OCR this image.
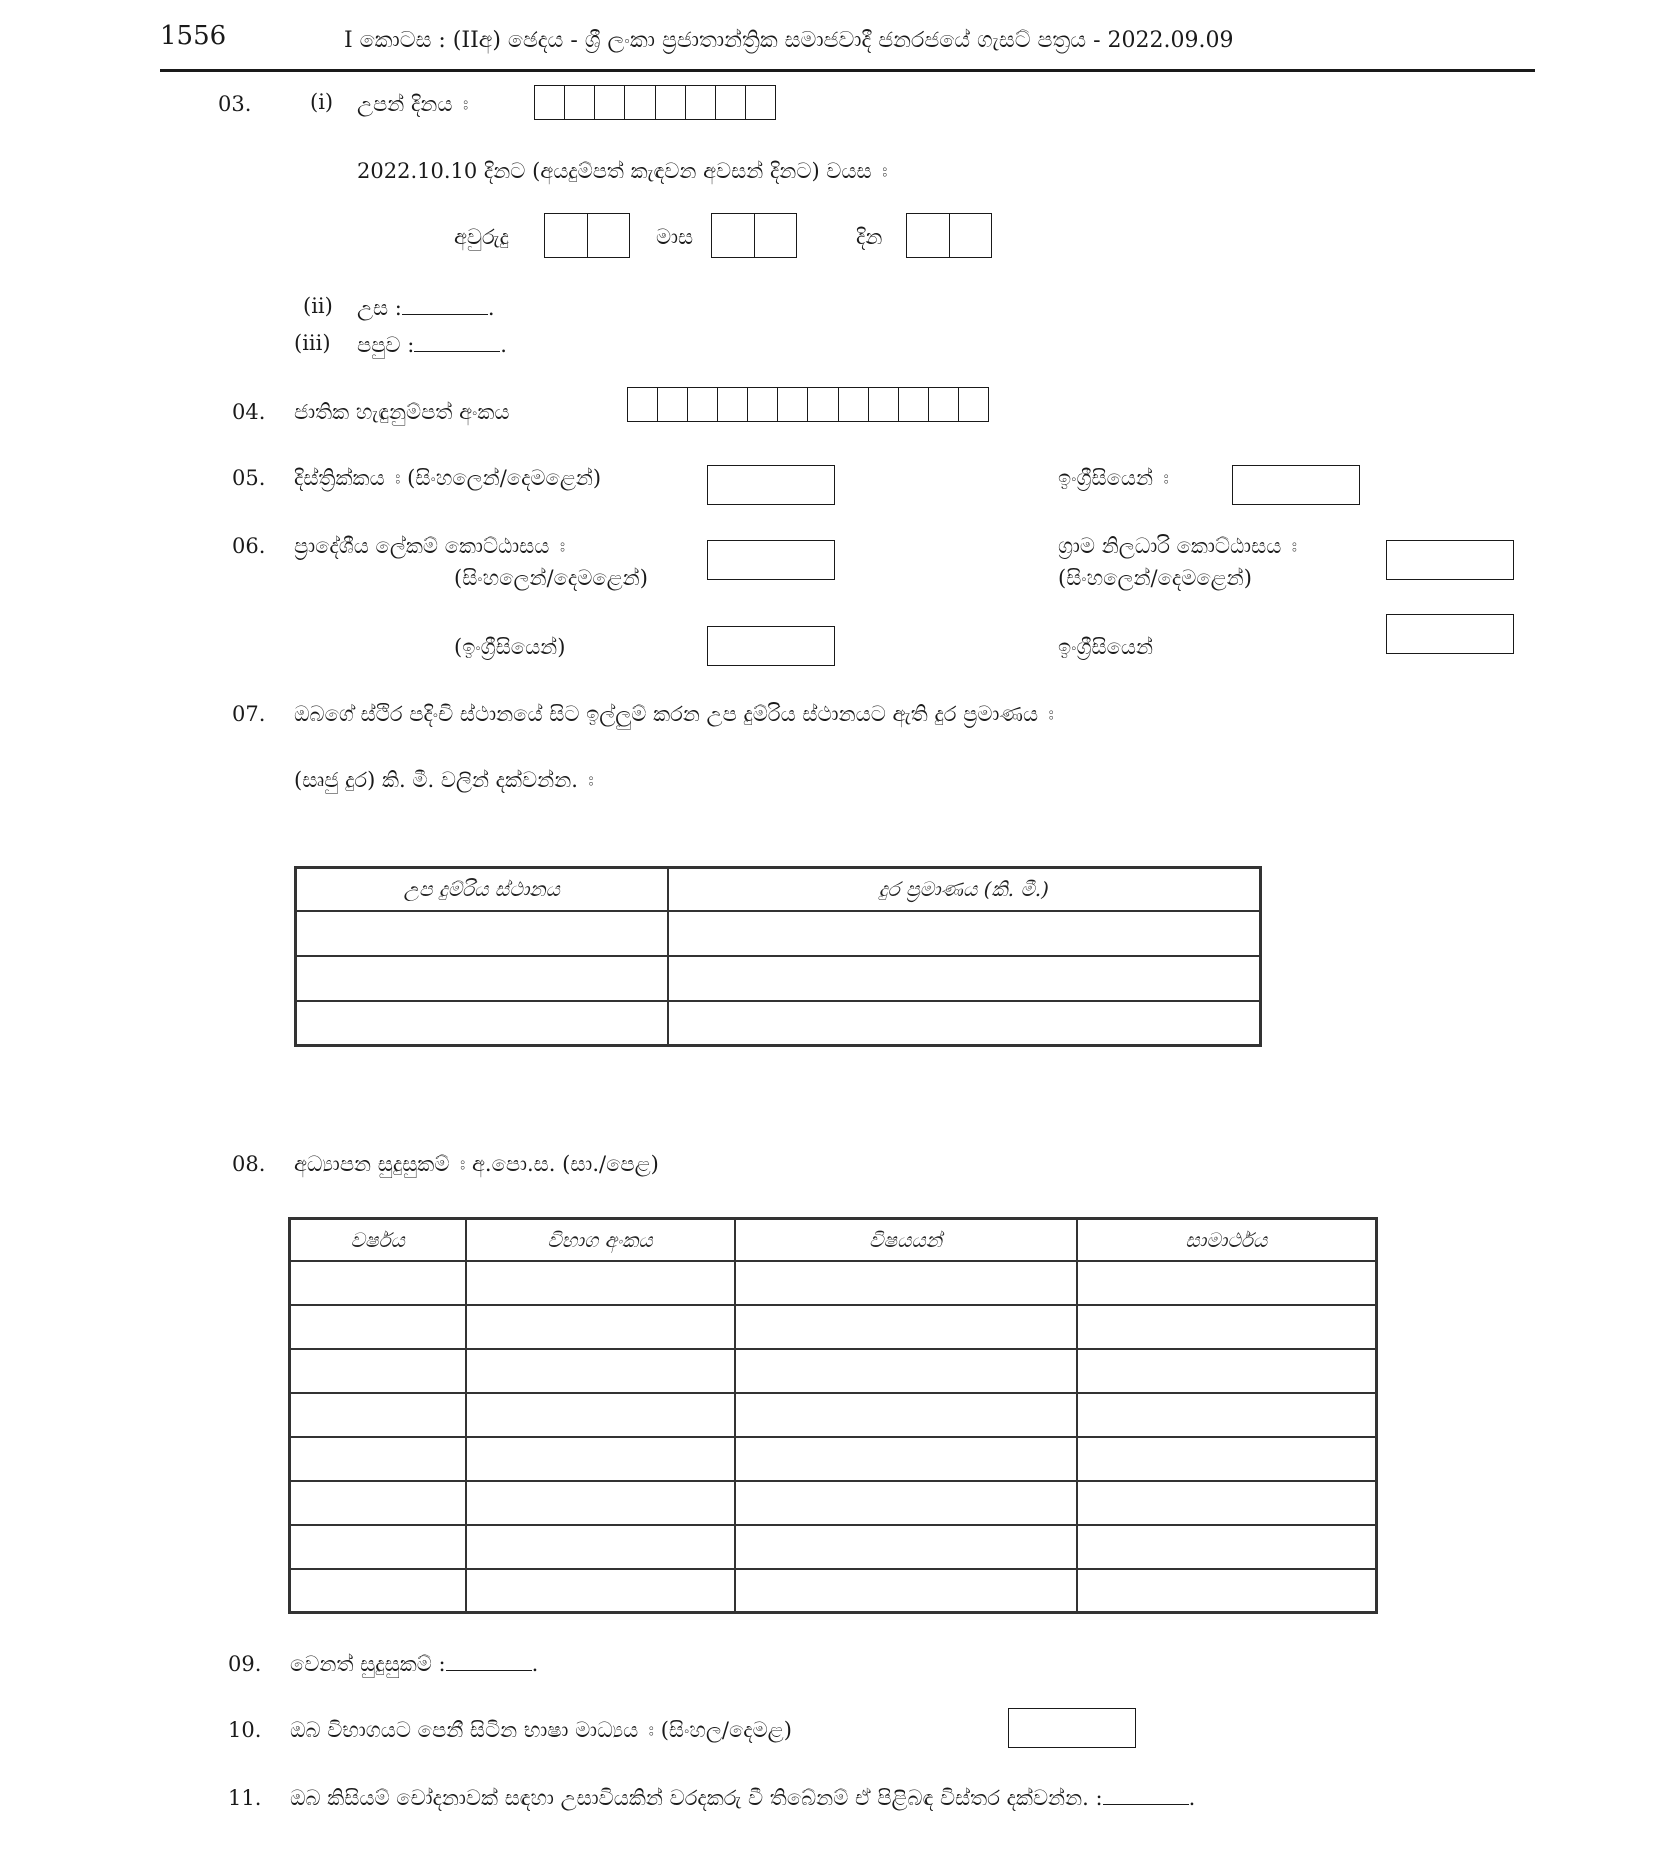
1556	I කොටස : (IIඅ) ඡෙදය - ශ්‍රී ලංකා ප්‍රජාතාන්ත්‍රික සමාජවාදී ජනරජයේ ගැසට් පත්‍රය - 2022.09.09
03.	(i) උපන් දිනය ඃ
2022.10.10 දිනට (අයදුම්පත් කැඳවන අවසන් දිනට) වයස ඃ
අවුරුදු	මාස	දින
(ii) උස :	.
(iii) පපුව :	.
04. ජාතික හැඳුනුම්පත් අංකය
05. දිස්ත්‍රික්කය ඃ (සිංහලෙන්/දෙමළෙන්)	ඉංග්‍රීසියෙන් ඃ
06. ප්‍රාදේශීය ලේකම් කොට්ඨාසය ඃ
(සිංහලෙන්/දෙමළෙන්)
(ඉංග්‍රීසියෙන්)
ග්‍රාම නිලධාරි කොට්ඨාසය ඃ
(සිංහලෙන්/දෙමළෙන්)
ඉංග්‍රීසියෙන්
07. ඔබගේ ස්ථිර පදිංචි ස්ථානයේ සිට ඉල්ලුම් කරන උප දුම්රිය ස්ථානයට ඇති දුර ප්‍රමාණය ඃ
(සෘජු දුර) කි. මී. වලින් දක්වන්න. ඃ
උප දුම්රිය ස්ථානය	දුර ප්‍රමාණය (කි. මී.)

08. අධ්‍යාපන සුදුසුකම් ඃ අ.පො.ස. (සා./පෙළ)
වර්ෂය	විභාග අංකය	විෂයයන්	සාමාර්ථය

09. වෙනත් සුදුසුකම් :	.
10. ඔබ විභාගයට පෙනී සිටින භාෂා මාධ්‍යය ඃ (සිංහල/දෙමළ)
11. ඔබ කිසියම් චෝදනාවක් සඳහා උසාවියකින් වරදකරු වී තිබේනම් ඒ පිළිබඳ විස්තර දක්වන්න. :	.
